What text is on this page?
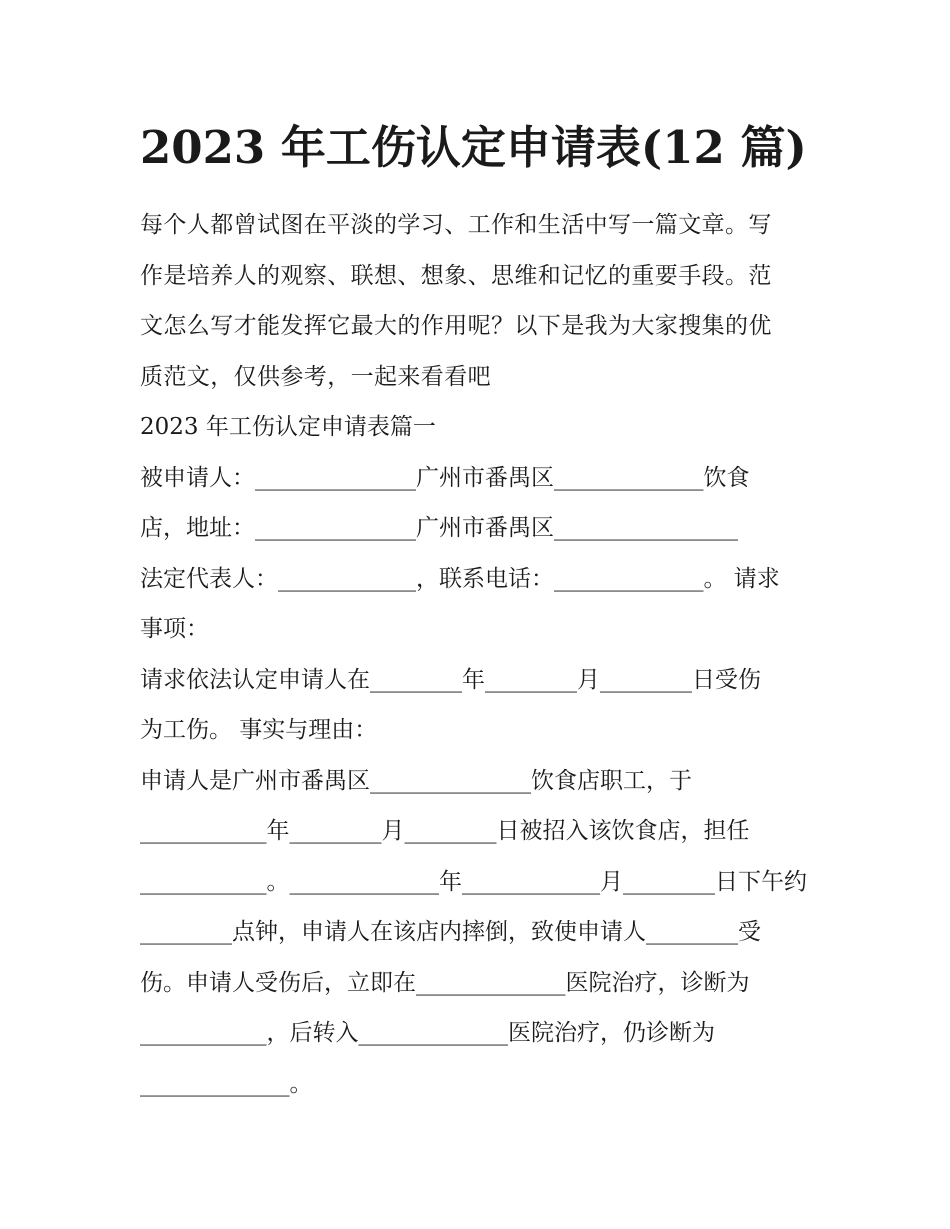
2023 年工伤认定申请表(12 篇)
每个人都曾试图在平淡的学习、工作和生活中写一篇文章。写
作是培养人的观察、联想、想象、思维和记忆的重要手段。范
文怎么写才能发挥它最大的作用呢？以下是我为大家搜集的优
质范文，仅供参考，一起来看看吧
2023 年工伤认定申请表篇一
被申请人：______________广州市番禺区_____________饮食
店，地址：______________广州市番禺区________________
法定代表人：____________，联系电话：_____________。 请求
事项：
请求依法认定申请人在________年________月________日受伤
为工伤。 事实与理由：
申请人是广州市番禺区______________饮食店职工，于
___________年________月________日被招入该饮食店，担任
___________。_____________年____________月________日下午约
________点钟，申请人在该店内摔倒，致使申请人________受
伤。申请人受伤后，立即在_____________医院治疗，诊断为
___________，后转入_____________医院治疗，仍诊断为
_____________。
